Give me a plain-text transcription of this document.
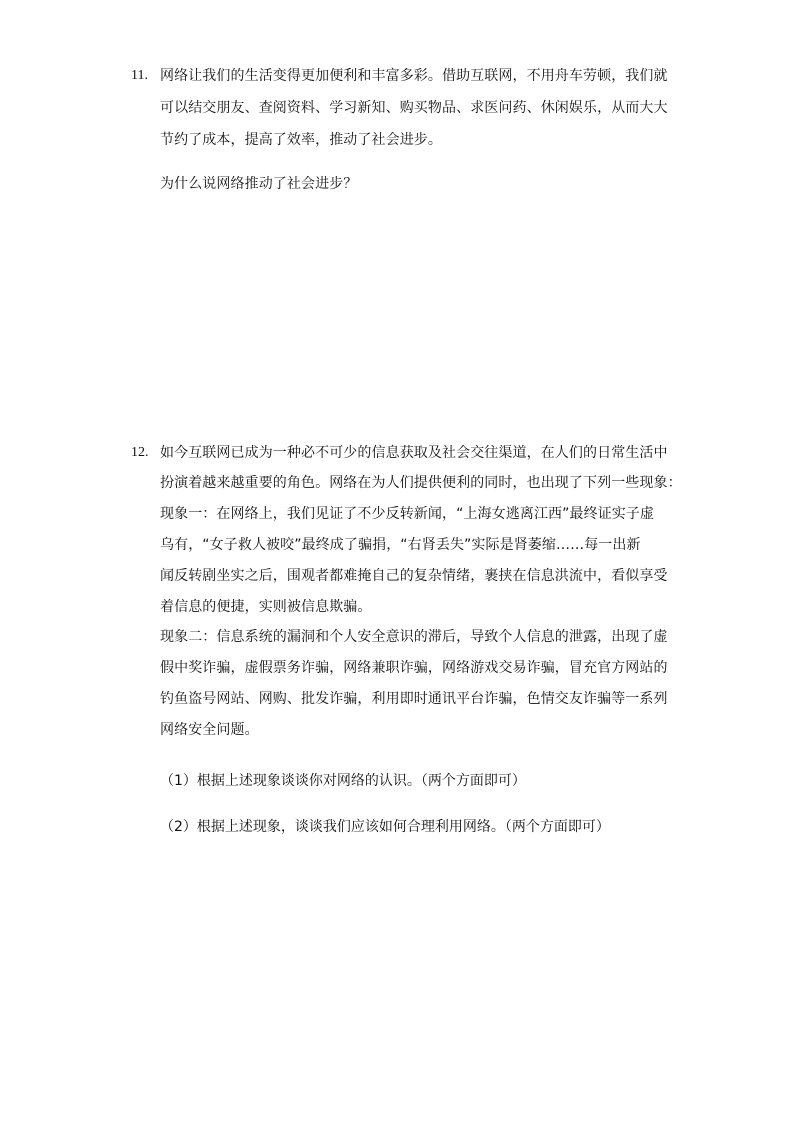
11. 网络让我们的生活变得更加便利和丰富多彩。借助互联网，不用舟车劳顿，我们就
可以结交朋友、查阅资料、学习新知、购买物品、求医问药、休闲娱乐，从而大大
节约了成本，提高了效率，推动了社会进步。
为什么说网络推动了社会进步？
12. 如今互联网已成为一种必不可少的信息获取及社会交往渠道，在人们的日常生活中
扮演着越来越重要的角色。网络在为人们提供便利的同时，也出现了下列一些现象：
现象一：在网络上，我们见证了不少反转新闻，“上海女逃离江西”最终证实子虚
乌有，“女子救人被咬”最终成了骗捐，“右肾丢失”实际是肾萎缩……每一出新
闻反转剧坐实之后，围观者都难掩自己的复杂情绪，裹挟在信息洪流中，看似享受
着信息的便捷，实则被信息欺骗。
现象二：信息系统的漏洞和个人安全意识的滞后，导致个人信息的泄露，出现了虚
假中奖诈骗，虚假票务诈骗，网络兼职诈骗，网络游戏交易诈骗，冒充官方网站的
钓鱼盗号网站、网购、批发诈骗，利用即时通讯平台诈骗，色情交友诈骗等一系列
网络安全问题。
（1）根据上述现象谈谈你对网络的认识。（两个方面即可）
（2）根据上述现象，谈谈我们应该如何合理利用网络。（两个方面即可）
